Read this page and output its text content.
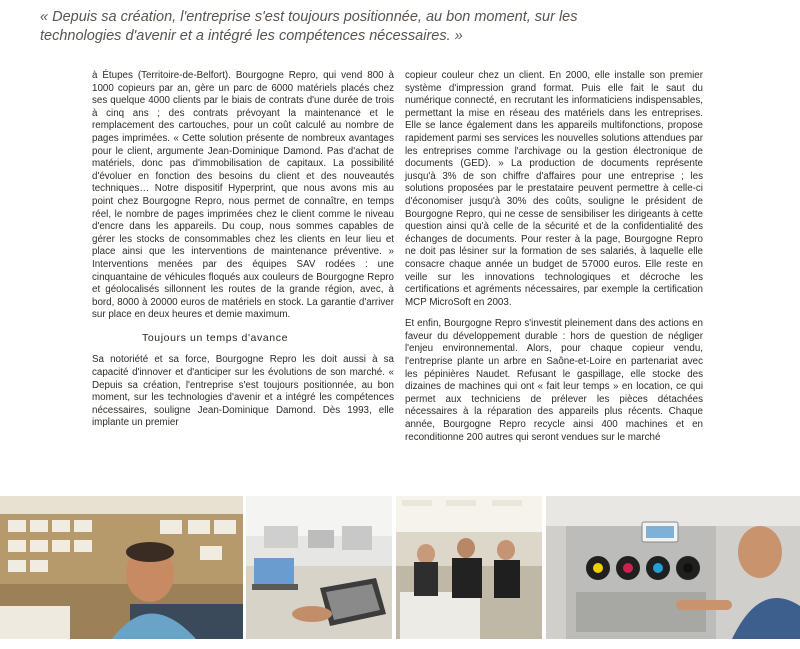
« Depuis sa création, l'entreprise s'est toujours positionnée, au bon moment, sur les technologies d'avenir et a intégré les compétences nécessaires. »

à Étupes (Territoire-de-Belfort). Bourgogne Repro, qui vend 800 à 1000 copieurs par an, gère un parc de 6000 matériels placés chez ses quelque 4000 clients par le biais de contrats d'une durée de trois à cinq ans ; des contrats prévoyant la maintenance et le remplacement des cartouches, pour un coût calculé au nombre de pages imprimées. « Cette solution présente de nombreux avantages pour le client, argumente Jean-Dominique Damond. Pas d'achat de matériels, donc pas d'immobilisation de capitaux. La possibilité d'évoluer en fonction des besoins du client et des nouveautés techniques… Notre dispositif Hyperprint, que nous avons mis au point chez Bourgogne Repro, nous permet de connaître, en temps réel, le nombre de pages imprimées chez le client comme le niveau d'encre dans les appareils. Du coup, nous sommes capables de gérer les stocks de consommables chez les clients en leur lieu et place ainsi que les interventions de maintenance préventive. » Interventions menées par des équipes SAV rodées : une cinquantaine de véhicules floqués aux couleurs de Bourgogne Repro et géolocalisés sillonnent les routes de la grande région, avec, à bord, 8000 à 20000 euros de matériels en stock. La garantie d'arriver sur place en deux heures et demie maximum.

Toujours un temps d'avance

Sa notoriété et sa force, Bourgogne Repro les doit aussi à sa capacité d'innover et d'anticiper sur les évolutions de son marché. « Depuis sa création, l'entreprise s'est toujours positionnée, au bon moment, sur les technologies d'avenir et a intégré les compétences nécessaires, souligne Jean-Dominique Damond. Dès 1993, elle implante un premier

copieur couleur chez un client. En 2000, elle installe son premier système d'impression grand format. Puis elle fait le saut du numérique connecté, en recrutant les informaticiens indispensables, permettant la mise en réseau des matériels dans les entreprises. Elle se lance également dans les appareils multifonctions, propose rapidement parmi ses services les nouvelles solutions attendues par les entreprises comme l'archivage ou la gestion électronique de documents (GED). » La production de documents représente jusqu'à 3% de son chiffre d'affaires pour une entreprise ; les solutions proposées par le prestataire peuvent permettre à celle-ci d'économiser jusqu'à 30% des coûts, souligne le président de Bourgogne Repro, qui ne cesse de sensibiliser les dirigeants à cette question ainsi qu'à celle de la sécurité et de la confidentialité des échanges de documents. Pour rester à la page, Bourgogne Repro ne doit pas lésiner sur la formation de ses salariés, à laquelle elle consacre chaque année un budget de 57000 euros. Elle reste en veille sur les innovations technologiques et décroche les certifications et agréments nécessaires, par exemple la certification MCP MicroSoft en 2003.

Et enfin, Bourgogne Repro s'investit pleinement dans des actions en faveur du développement durable : hors de question de négliger l'enjeu environnemental. Alors, pour chaque copieur vendu, l'entreprise plante un arbre en Saône-et-Loire en partenariat avec les pépinières Naudet. Refusant le gaspillage, elle stocke des dizaines de machines qui ont « fait leur temps » en location, ce qui permet aux techniciens de prélever les pièces détachées nécessaires à la réparation des appareils plus récents. Chaque année, Bourgogne Repro recycle ainsi 400 machines et en reconditionne 200 autres qui seront vendues sur le marché
